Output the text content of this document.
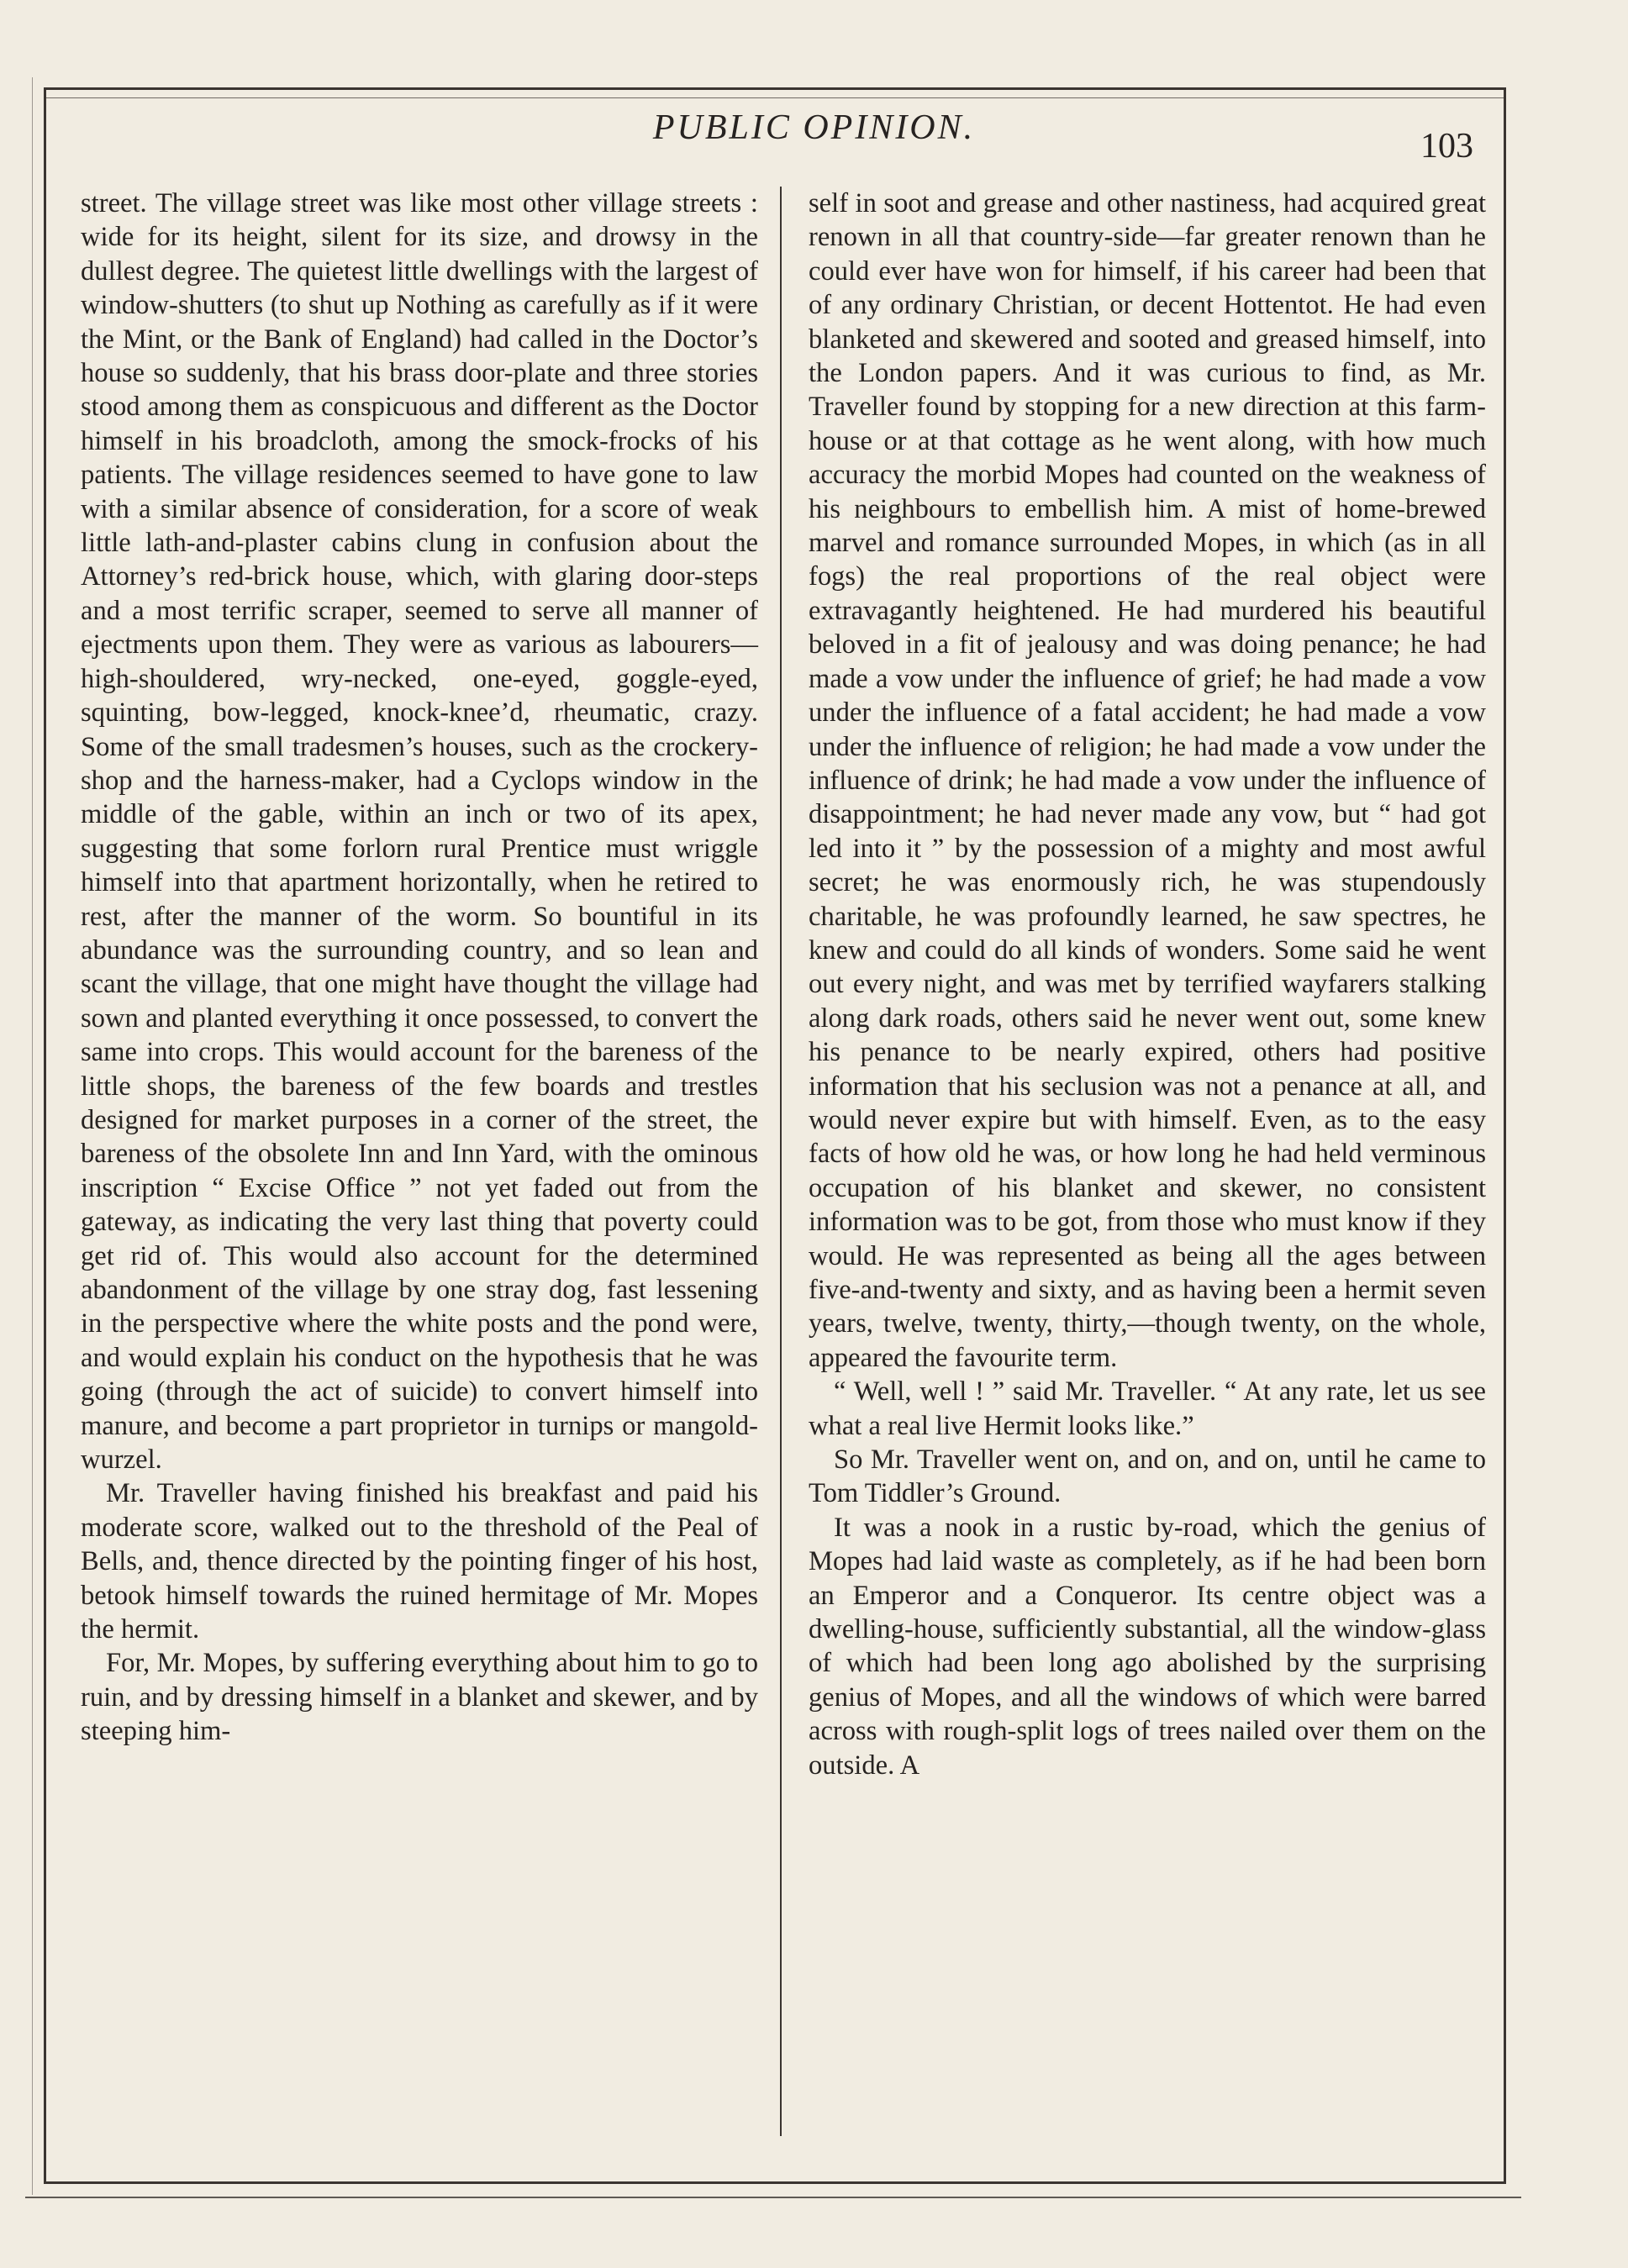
PUBLIC OPINION.	103

street. The village street was like most other village streets : wide for its height, silent for its size, and drowsy in the dullest degree. The quietest little dwellings with the largest of window-shutters (to shut up Nothing as carefully as if it were the Mint, or the Bank of England) had called in the Doctor’s house so suddenly, that his brass door-plate and three stories stood among them as conspicuous and different as the Doctor himself in his broadcloth, among the smock-frocks of his patients. The village residences seemed to have gone to law with a similar absence of consideration, for a score of weak little lath-and-plaster cabins clung in confusion about the Attorney’s red-brick house, which, with glaring door-steps and a most terrific scraper, seemed to serve all manner of ejectments upon them. They were as various as labourers—high-shouldered, wry-necked, one-eyed, goggle-eyed, squinting, bow-legged, knock-knee’d, rheumatic, crazy. Some of the small tradesmen’s houses, such as the crockery-shop and the harness-maker, had a Cyclops window in the middle of the gable, within an inch or two of its apex, suggesting that some forlorn rural Prentice must wriggle himself into that apartment horizontally, when he retired to rest, after the manner of the worm. So bountiful in its abundance was the surrounding country, and so lean and scant the village, that one might have thought the village had sown and planted everything it once possessed, to convert the same into crops. This would account for the bareness of the little shops, the bareness of the few boards and trestles designed for market purposes in a corner of the street, the bareness of the obsolete Inn and Inn Yard, with the ominous inscription “ Excise Office ” not yet faded out from the gateway, as indicating the very last thing that poverty could get rid of. This would also account for the determined abandonment of the village by one stray dog, fast lessening in the perspective where the white posts and the pond were, and would explain his conduct on the hypothesis that he was going (through the act of suicide) to convert himself into manure, and become a part proprietor in turnips or mangold-wurzel.

Mr. Traveller having finished his breakfast and paid his moderate score, walked out to the threshold of the Peal of Bells, and, thence directed by the pointing finger of his host, betook himself towards the ruined hermitage of Mr. Mopes the hermit.

For, Mr. Mopes, by suffering everything about him to go to ruin, and by dressing himself in a blanket and skewer, and by steeping him-

self in soot and grease and other nastiness, had acquired great renown in all that country-side—far greater renown than he could ever have won for himself, if his career had been that of any ordinary Christian, or decent Hottentot. He had even blanketed and skewered and sooted and greased himself, into the London papers. And it was curious to find, as Mr. Traveller found by stopping for a new direction at this farm-house or at that cottage as he went along, with how much accuracy the morbid Mopes had counted on the weakness of his neighbours to embellish him. A mist of home-brewed marvel and romance surrounded Mopes, in which (as in all fogs) the real proportions of the real object were extravagantly heightened. He had murdered his beautiful beloved in a fit of jealousy and was doing penance; he had made a vow under the influence of grief; he had made a vow under the influence of a fatal accident; he had made a vow under the influence of religion; he had made a vow under the influence of drink; he had made a vow under the influence of disappointment; he had never made any vow, but “ had got led into it ” by the possession of a mighty and most awful secret; he was enormously rich, he was stupendously charitable, he was profoundly learned, he saw spectres, he knew and could do all kinds of wonders. Some said he went out every night, and was met by terrified wayfarers stalking along dark roads, others said he never went out, some knew his penance to be nearly expired, others had positive information that his seclusion was not a penance at all, and would never expire but with himself. Even, as to the easy facts of how old he was, or how long he had held verminous occupation of his blanket and skewer, no consistent information was to be got, from those who must know if they would. He was represented as being all the ages between five-and-twenty and sixty, and as having been a hermit seven years, twelve, twenty, thirty,—though twenty, on the whole, appeared the favourite term.

“ Well, well ! ” said Mr. Traveller. “ At any rate, let us see what a real live Hermit looks like.”

So Mr. Traveller went on, and on, and on, until he came to Tom Tiddler’s Ground.

It was a nook in a rustic by-road, which the genius of Mopes had laid waste as completely, as if he had been born an Emperor and a Conqueror. Its centre object was a dwelling-house, sufficiently substantial, all the window-glass of which had been long ago abolished by the surprising genius of Mopes, and all the windows of which were barred across with rough-split logs of trees nailed over them on the outside. A
